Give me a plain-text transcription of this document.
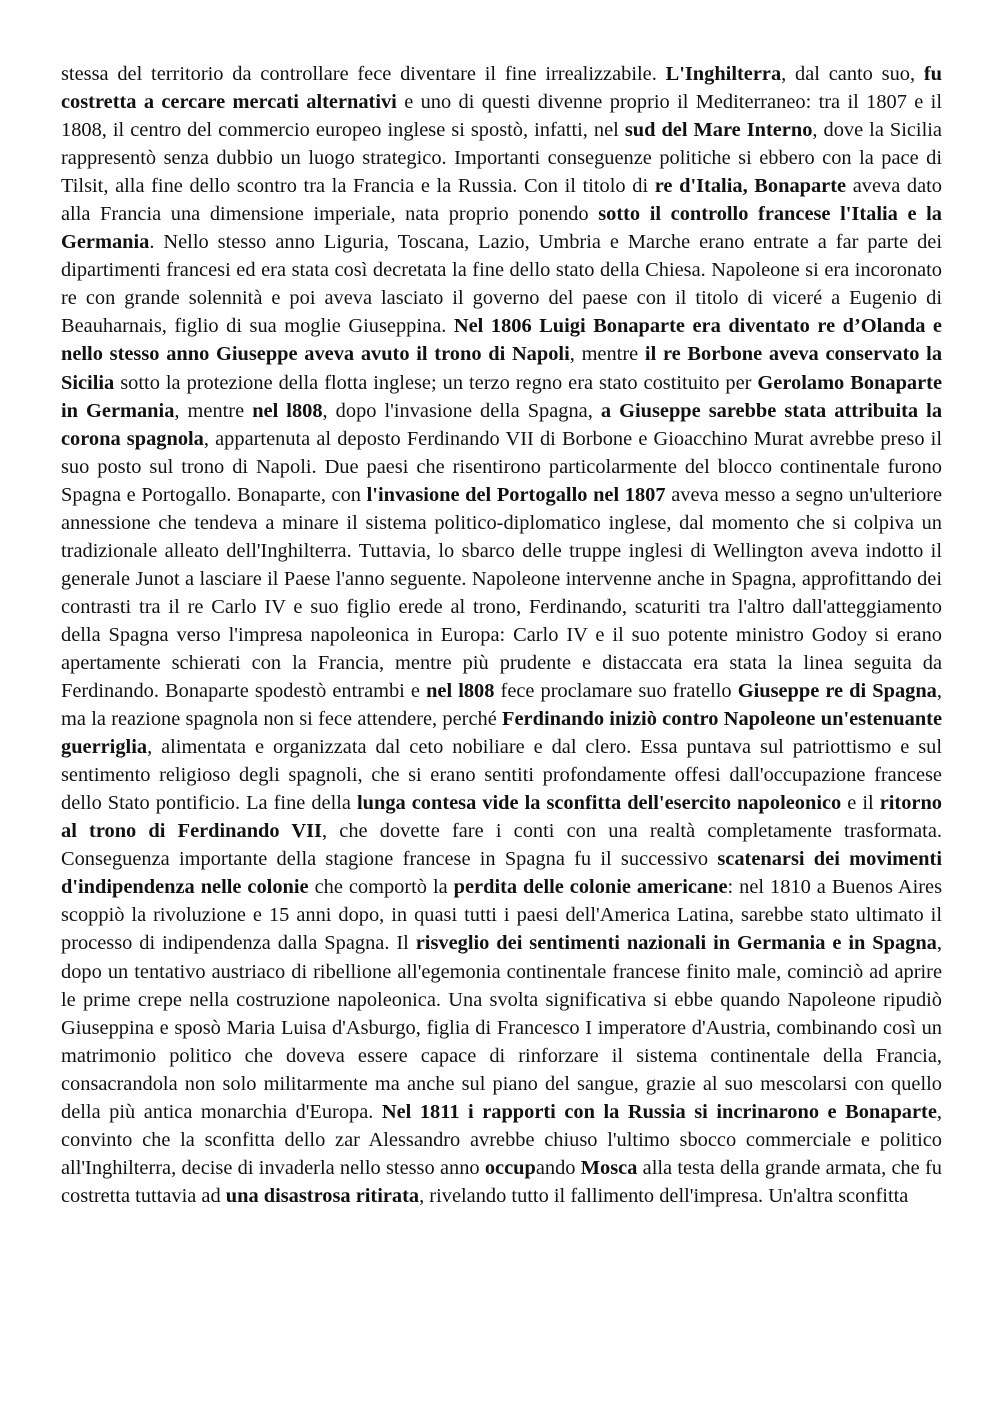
stessa del territorio da controllare fece diventare il fine irrealizzabile. L'Inghilterra, dal canto suo, fu costretta a cercare mercati alternativi e uno di questi divenne proprio il Mediterraneo: tra il 1807 e il 1808, il centro del commercio europeo inglese si spostò, infatti, nel sud del Mare Interno, dove la Sicilia rappresentò senza dubbio un luogo strategico. Importanti conseguenze politiche si ebbero con la pace di Tilsit, alla fine dello scontro tra la Francia e la Russia. Con il titolo di re d'Italia, Bonaparte aveva dato alla Francia una dimensione imperiale, nata proprio ponendo sotto il controllo francese l'Italia e la Germania. Nello stesso anno Liguria, Toscana, Lazio, Umbria e Marche erano entrate a far parte dei dipartimenti francesi ed era stata così decretata la fine dello stato della Chiesa. Napoleone si era incoronato re con grande solennità e poi aveva lasciato il governo del paese con il titolo di viceré a Eugenio di Beauharnais, figlio di sua moglie Giuseppina. Nel 1806 Luigi Bonaparte era diventato re d’Olanda e nello stesso anno Giuseppe aveva avuto il trono di Napoli, mentre il re Borbone aveva conservato la Sicilia sotto la protezione della flotta inglese; un terzo regno era stato costituito per Gerolamo Bonaparte in Germania, mentre nel l808, dopo l'invasione della Spagna, a Giuseppe sarebbe stata attribuita la corona spagnola, appartenuta al deposto Ferdinando VII di Borbone e Gioacchino Murat avrebbe preso il suo posto sul trono di Napoli. Due paesi che risentirono particolarmente del blocco continentale furono Spagna e Portogallo. Bonaparte, con l'invasione del Portogallo nel 1807 aveva messo a segno un'ulteriore annessione che tendeva a minare il sistema politico-diplomatico inglese, dal momento che si colpiva un tradizionale alleato dell'Inghilterra. Tuttavia, lo sbarco delle truppe inglesi di Wellington aveva indotto il generale Junot a lasciare il Paese l'anno seguente. Napoleone intervenne anche in Spagna, approfittando dei contrasti tra il re Carlo IV e suo figlio erede al trono, Ferdinando, scaturiti tra l'altro dall'atteggiamento della Spagna verso l'impresa napoleonica in Europa: Carlo IV e il suo potente ministro Godoy si erano apertamente schierati con la Francia, mentre più prudente e distaccata era stata la linea seguita da Ferdinando. Bonaparte spodestò entrambi e nel l808 fece proclamare suo fratello Giuseppe re di Spagna, ma la reazione spagnola non si fece attendere, perché Ferdinando iniziò contro Napoleone un'estenuante guerriglia, alimentata e organizzata dal ceto nobiliare e dal clero. Essa puntava sul patriottismo e sul sentimento religioso degli spagnoli, che si erano sentiti profondamente offesi dall'occupazione francese dello Stato pontificio. La fine della lunga contesa vide la sconfitta dell'esercito napoleonico e il ritorno al trono di Ferdinando VII, che dovette fare i conti con una realtà completamente trasformata. Conseguenza importante della stagione francese in Spagna fu il successivo scatenarsi dei movimenti d'indipendenza nelle colonie che comportò la perdita delle colonie americane: nel 1810 a Buenos Aires scoppiò la rivoluzione e 15 anni dopo, in quasi tutti i paesi dell'America Latina, sarebbe stato ultimato il processo di indipendenza dalla Spagna. Il risveglio dei sentimenti nazionali in Germania e in Spagna, dopo un tentativo austriaco di ribellione all'egemonia continentale francese finito male, cominciò ad aprire le prime crepe nella costruzione napoleonica. Una svolta significativa si ebbe quando Napoleone ripudiò Giuseppina e sposò Maria Luisa d'Asburgo, figlia di Francesco I imperatore d'Austria, combinando così un matrimonio politico che doveva essere capace di rinforzare il sistema continentale della Francia, consacrandola non solo militarmente ma anche sul piano del sangue, grazie al suo mescolarsi con quello della più antica monarchia d'Europa. Nel 1811 i rapporti con la Russia si incrinarono e Bonaparte, convinto che la sconfitta dello zar Alessandro avrebbe chiuso l'ultimo sbocco commerciale e politico all'Inghilterra, decise di invaderla nello stesso anno occupando Mosca alla testa della grande armata, che fu costretta tuttavia ad una disastrosa ritirata, rivelando tutto il fallimento dell'impresa. Un'altra sconfitta
